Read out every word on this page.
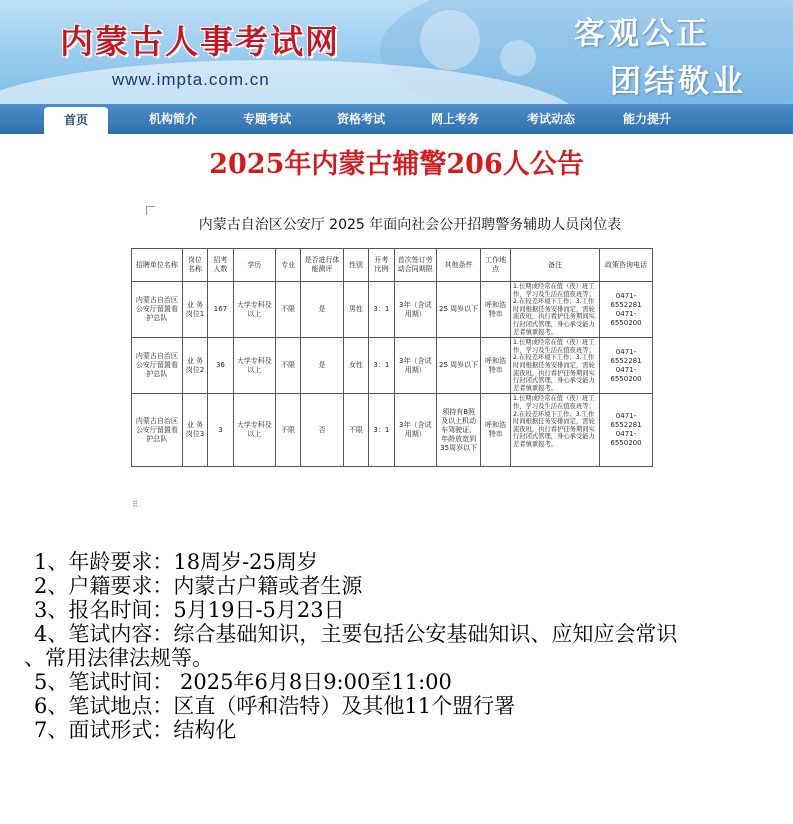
内蒙古人事考试网
www.impta.com.cn
客观公正
团结敬业
首页	机构简介	专题考试	资格考试	网上考务	考试动态	能力提升
2025年内蒙古辅警206人公告
内蒙古自治区公安厅 2025 年面向社会公开招聘警务辅助人员岗位表
招聘单位名称	岗位名称	招考人数	学历	专业	是否进行体能测评	性别	开考比例	首次签订劳动合同期限	其他条件	工作地点	备注	政策咨询电话
内蒙古自治区公安厅留置看护总队	业 务 岗位1	167	大学专科及以上	不限	是	男性	3：1	3年（含试用期）	25 周岁以下	呼和浩特市	1.长期或经常在值（夜）班工作，学习及生活在值夜班等；2.在较差环境下工作；3.工作时间根据任务安排而定，需轮流夜班，执行看护任务期间实行封闭式管理，身心承受能力差者慎重报考。	0471-6552281 0471-6550200
内蒙古自治区公安厅留置看护总队	业 务 岗位2	36	大学专科及以上	不限	是	女性	3：1	3年（含试用期）	25 周岁以下	呼和浩特市	1.长期或经常在值（夜）班工作，学习及生活在值夜班等；2.在较差环境下工作；3.工作时间根据任务安排而定，需轮流夜班，执行看护任务期间实行封闭式管理，身心承受能力差者慎重报考。	0471-6552281 0471-6550200
内蒙古自治区公安厅留置看护总队	业 务 岗位3	3	大学专科及以上	不限	否	不限	3：1	3年（含试用期）	须持有B照及以上机动车驾驶证，年龄放宽到35周岁以下	呼和浩特市	1.长期或经常在值（夜）班工作，学习及生活在值夜班等；2.在较差环境下工作；3.工作时间根据任务安排而定，需轮流夜班，执行看护任务期间实行封闭式管理，身心承受能力差者慎重报考。	0471-6552281 0471-6550200
⠿
1、年龄要求：18周岁-25周岁
2、户籍要求：内蒙古户籍或者生源
3、报名时间：5月19日-5月23日
4、笔试内容：综合基础知识，主要包括公安基础知识、应知应会常识
、常用法律法规等。
5、笔试时间： 2025年6月8日9:00至11:00
6、笔试地点：区直（呼和浩特）及其他11个盟行署
7、面试形式：结构化
